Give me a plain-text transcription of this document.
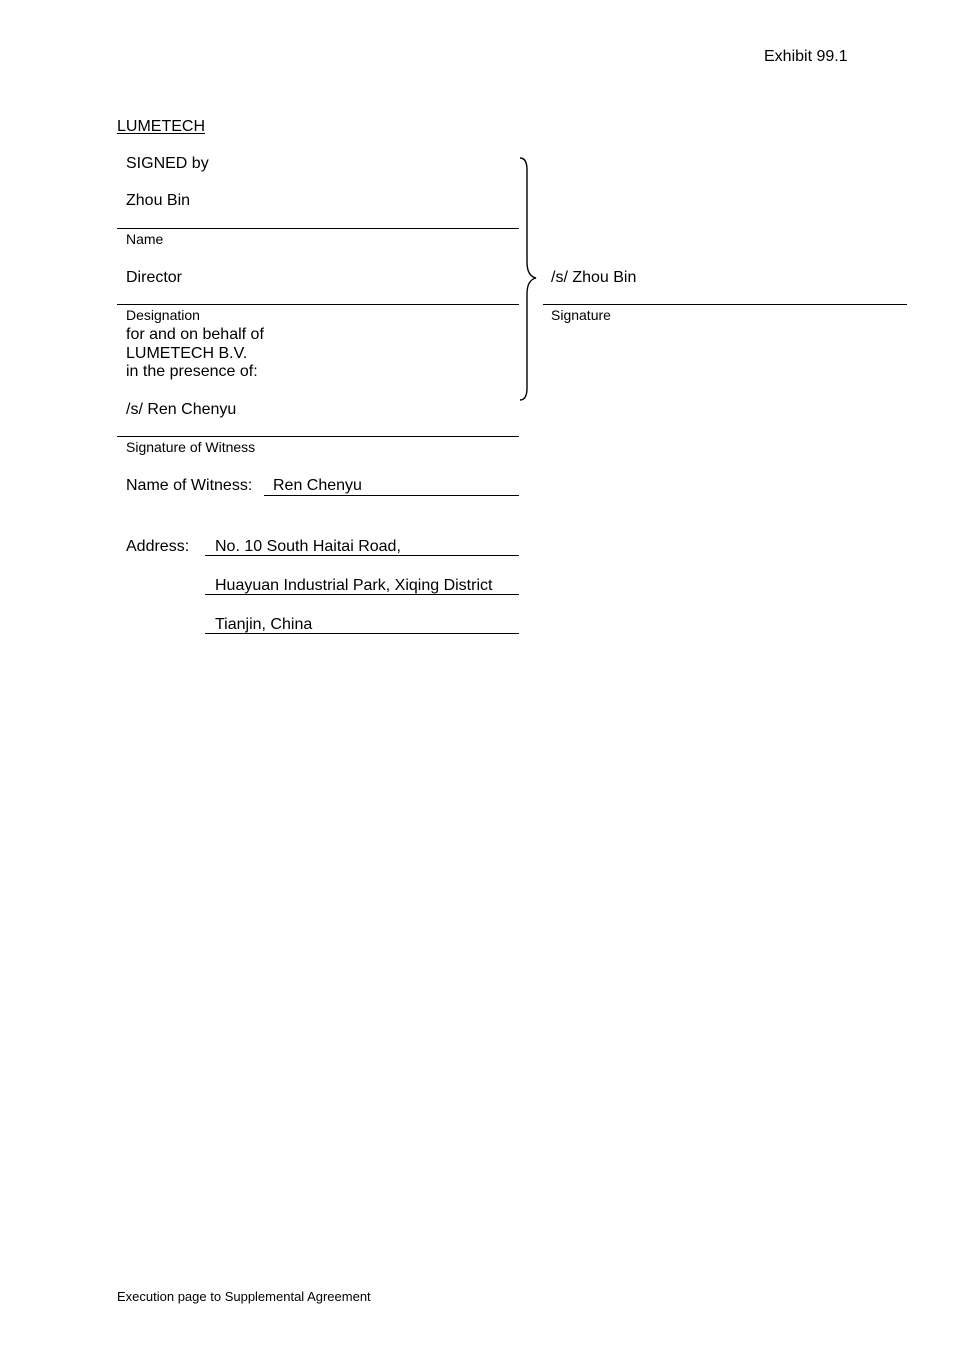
Exhibit 99.1
LUMETECH
SIGNED by
Zhou Bin
Name
Director
Designation
for and on behalf of
LUMETECH B.V.
in the presence of:
/s/ Zhou Bin
Signature
/s/ Ren Chenyu
Signature of Witness
Name of Witness: Ren Chenyu
Address: No. 10 South Haitai Road,
Huayuan Industrial Park, Xiqing District
Tianjin, China
Execution page to Supplemental Agreement
